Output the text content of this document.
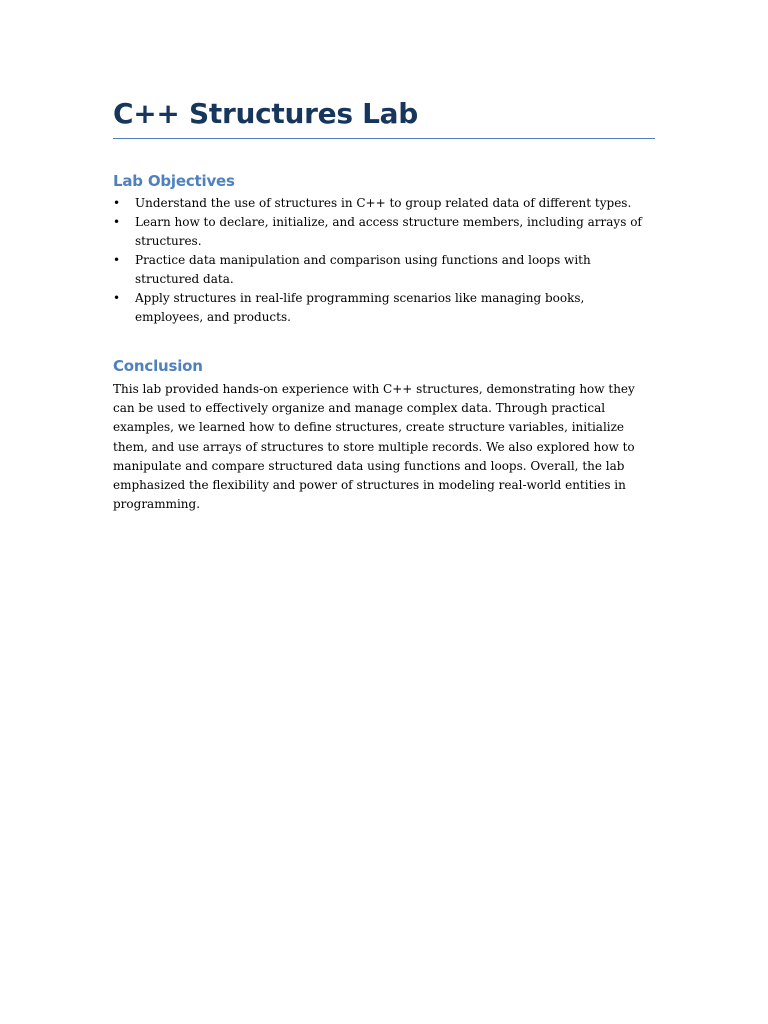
C++ Structures Lab
Lab Objectives
• Understand the use of structures in C++ to group related data of different types.
• Learn how to declare, initialize, and access structure members, including arrays of structures.
• Practice data manipulation and comparison using functions and loops with structured data.
• Apply structures in real-life programming scenarios like managing books, employees, and products.
Conclusion

This lab provided hands-on experience with C++ structures, demonstrating how they can be used to effectively organize and manage complex data. Through practical examples, we learned how to define structures, create structure variables, initialize them, and use arrays of structures to store multiple records. We also explored how to manipulate and compare structured data using functions and loops. Overall, the lab emphasized the flexibility and power of structures in modeling real-world entities in programming.
